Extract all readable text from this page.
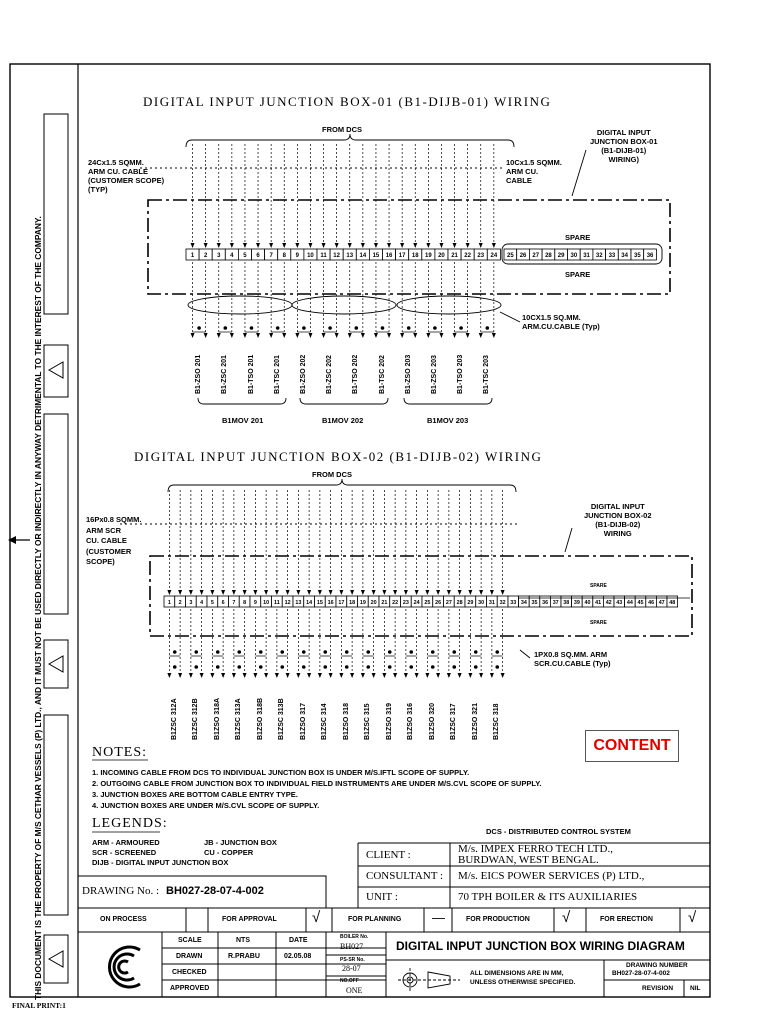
1 2 3 4 5 6 7 8 9 10 11 12 13 14 15 16 17 18 19 20 21 22 23 24 25 26 27 28 29 30 31 32 33 34 35 36
1 2 3 4 5 6 7 8 9 10 11 12 13 14 15 16 17 18 19 20 21 22 23 24 25 26 27 28 29 30 31 32 33 34 35 36 37 38 39 40 41 42 43 44 45 46 47 48
THIS DOCUMENT IS THE PROPERTY OF M/S CETHAR VESSELS (P) LTD., AND IT MUST NOT BE USED DIRECTLY OR INDIRECTLY IN ANYWAY DETRIMENTAL TO THE INTEREST OF THE COMPANY.
DIGITAL INPUT JUNCTION BOX-01 (B1-DIJB-01) WIRING
FROM DCS
24Cx1.5 SQMM.
ARM CU. CABLE
(CUSTOMER SCOPE)
(TYP)
10Cx1.5 SQMM.
ARM CU.
CABLE
DIGITAL INPUT
JUNCTION BOX-01
(B1-DIJB-01)
WIRING)
SPARE
SPARE
10CX1.5 SQ.MM.
ARM.CU.CABLE (Typ)
B1-ZSO 201	B1-ZSC 201	B1-TSO 201	B1-TSC 201	B1-ZSO 202	B1-ZSC 202	B1-TSO 202	B1-TSC 202	B1-ZSO 203	B1-ZSC 203	B1-TSO 203	B1-TSC 203
B1MOV 201	B1MOV 202	B1MOV 203
DIGITAL INPUT JUNCTION BOX-02 (B1-DIJB-02) WIRING
FROM DCS
16Px0.8 SQMM.
ARM SCR
CU. CABLE
(CUSTOMER
SCOPE)
DIGITAL INPUT
JUNCTION BOX-02
(B1-DIJB-02)
WIRING
SPARE
SPARE
1PX0.8 SQ.MM. ARM
SCR.CU.CABLE (Typ)
B1ZSC 312A B1ZSC 312B B1ZSO 318A B1ZSC 313A B1ZSO 318B B1ZSC 313B B1ZSO 317 B1ZSC 314 B1ZSO 318 B1ZSC 315 B1ZSO 319 B1ZSO 316 B1ZSO 320 B1ZSC 317 B1ZSO 321 B1ZSC 318
CONTENT
NOTES:
1. INCOMING CABLE FROM DCS TO INDIVIDUAL JUNCTION BOX IS UNDER M/S.IFTL SCOPE OF SUPPLY.
2. OUTGOING CABLE FROM JUNCTION BOX TO INDIVIDUAL FIELD INSTRUMENTS ARE UNDER M/S.CVL SCOPE OF SUPPLY.
3. JUNCTION BOXES ARE BOTTOM CABLE ENTRY TYPE.
4. JUNCTION BOXES ARE UNDER M/S.CVL SCOPE OF SUPPLY.
LEGENDS:
ARM - ARMOURED
SCR - SCREENED
DIJB - DIGITAL INPUT JUNCTION BOX
JB - JUNCTION BOX
CU - COPPER
DCS - DISTRIBUTED CONTROL SYSTEM
CLIENT :	M/s. IMPEX FERRO TECH LTD.,
BURDWAN, WEST BENGAL.
CONSULTANT : M/s. EICS POWER SERVICES (P) LTD.,
UNIT :	70 TPH BOILER & ITS AUXILIARIES
DRAWING No. : BH027-28-07-4-002
ON PROCESS	FOR APPROVAL √	FOR PLANNING —	FOR PRODUCTION √	FOR ERECTION √
SCALE	NTS	DATE
DRAWN	R.PRABU	02.05.08
CHECKED
APPROVED
BOILER No.
BH027
PS-SR No.
28-07
NO.OFF
ONE
DIGITAL INPUT JUNCTION BOX WIRING DIAGRAM
ALL DIMENSIONS ARE IN MM,
UNLESS OTHERWISE SPECIFIED.
DRAWING NUMBER
BH027-28-07-4-002
REVISION	NIL
FINAL PRINT:1
